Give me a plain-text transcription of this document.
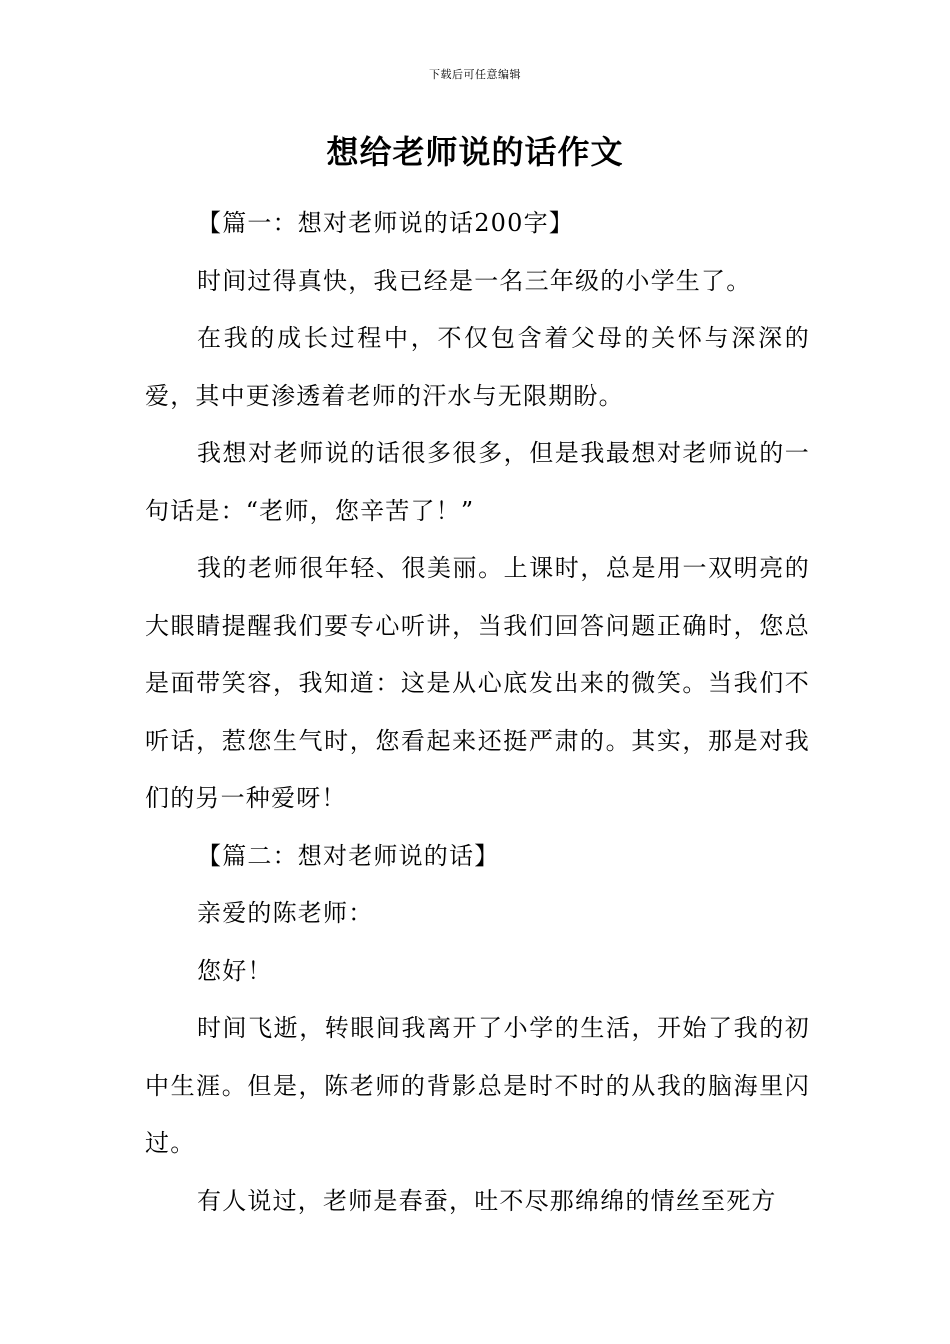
下载后可任意编辑
想给老师说的话作文

【篇一：想对老师说的话200字】

时间过得真快，我已经是一名三年级的小学生了。

在我的成长过程中，不仅包含着父母的关怀与深深的爱，其中更渗透着老师的汗水与无限期盼。

我想对老师说的话很多很多，但是我最想对老师说的一句话是：“老师，您辛苦了！”

我的老师很年轻、很美丽。上课时，总是用一双明亮的大眼睛提醒我们要专心听讲，当我们回答问题正确时，您总是面带笑容，我知道：这是从心底发出来的微笑。当我们不听话，惹您生气时，您看起来还挺严肃的。其实，那是对我们的另一种爱呀！

【篇二：想对老师说的话】

亲爱的陈老师：

您好！

时间飞逝，转眼间我离开了小学的生活，开始了我的初中生涯。但是，陈老师的背影总是时不时的从我的脑海里闪过。

有人说过，老师是春蚕，吐不尽那绵绵的情丝至死方
